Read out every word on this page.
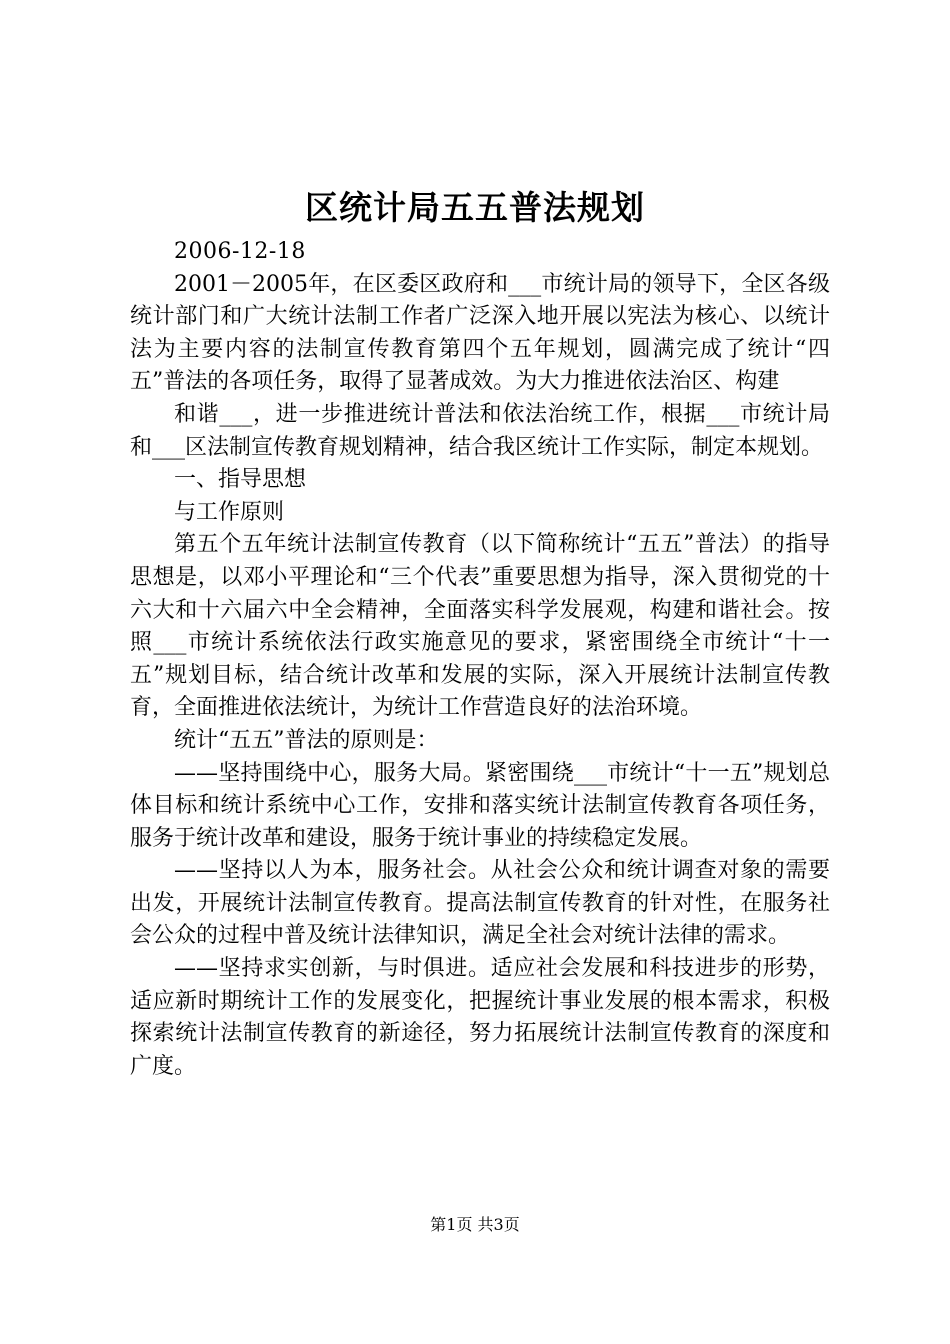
区统计局五五普法规划

2006-12-18

2001－2005年，在区委区政府和___市统计局的领导下，全区各级统计部门和广大统计法制工作者广泛深入地开展以宪法为核心、以统计法为主要内容的法制宣传教育第四个五年规划，圆满完成了统计“四五”普法的各项任务，取得了显著成效。为大力推进依法治区、构建

和谐___，进一步推进统计普法和依法治统工作，根据___市统计局和___区法制宣传教育规划精神，结合我区统计工作实际，制定本规划。

一、指导思想

与工作原则

第五个五年统计法制宣传教育（以下简称统计“五五”普法）的指导思想是，以邓小平理论和“三个代表”重要思想为指导，深入贯彻党的十六大和十六届六中全会精神，全面落实科学发展观，构建和谐社会。按照___市统计系统依法行政实施意见的要求，紧密围绕全市统计“十一五”规划目标，结合统计改革和发展的实际，深入开展统计法制宣传教育，全面推进依法统计，为统计工作营造良好的法治环境。

统计“五五”普法的原则是：

——坚持围绕中心，服务大局。紧密围绕___市统计“十一五”规划总体目标和统计系统中心工作，安排和落实统计法制宣传教育各项任务，服务于统计改革和建设，服务于统计事业的持续稳定发展。

——坚持以人为本，服务社会。从社会公众和统计调查对象的需要出发，开展统计法制宣传教育。提高法制宣传教育的针对性，在服务社会公众的过程中普及统计法律知识，满足全社会对统计法律的需求。

——坚持求实创新，与时俱进。适应社会发展和科技进步的形势，适应新时期统计工作的发展变化，把握统计事业发展的根本需求，积极探索统计法制宣传教育的新途径，努力拓展统计法制宣传教育的深度和广度。

第1页 共3页
